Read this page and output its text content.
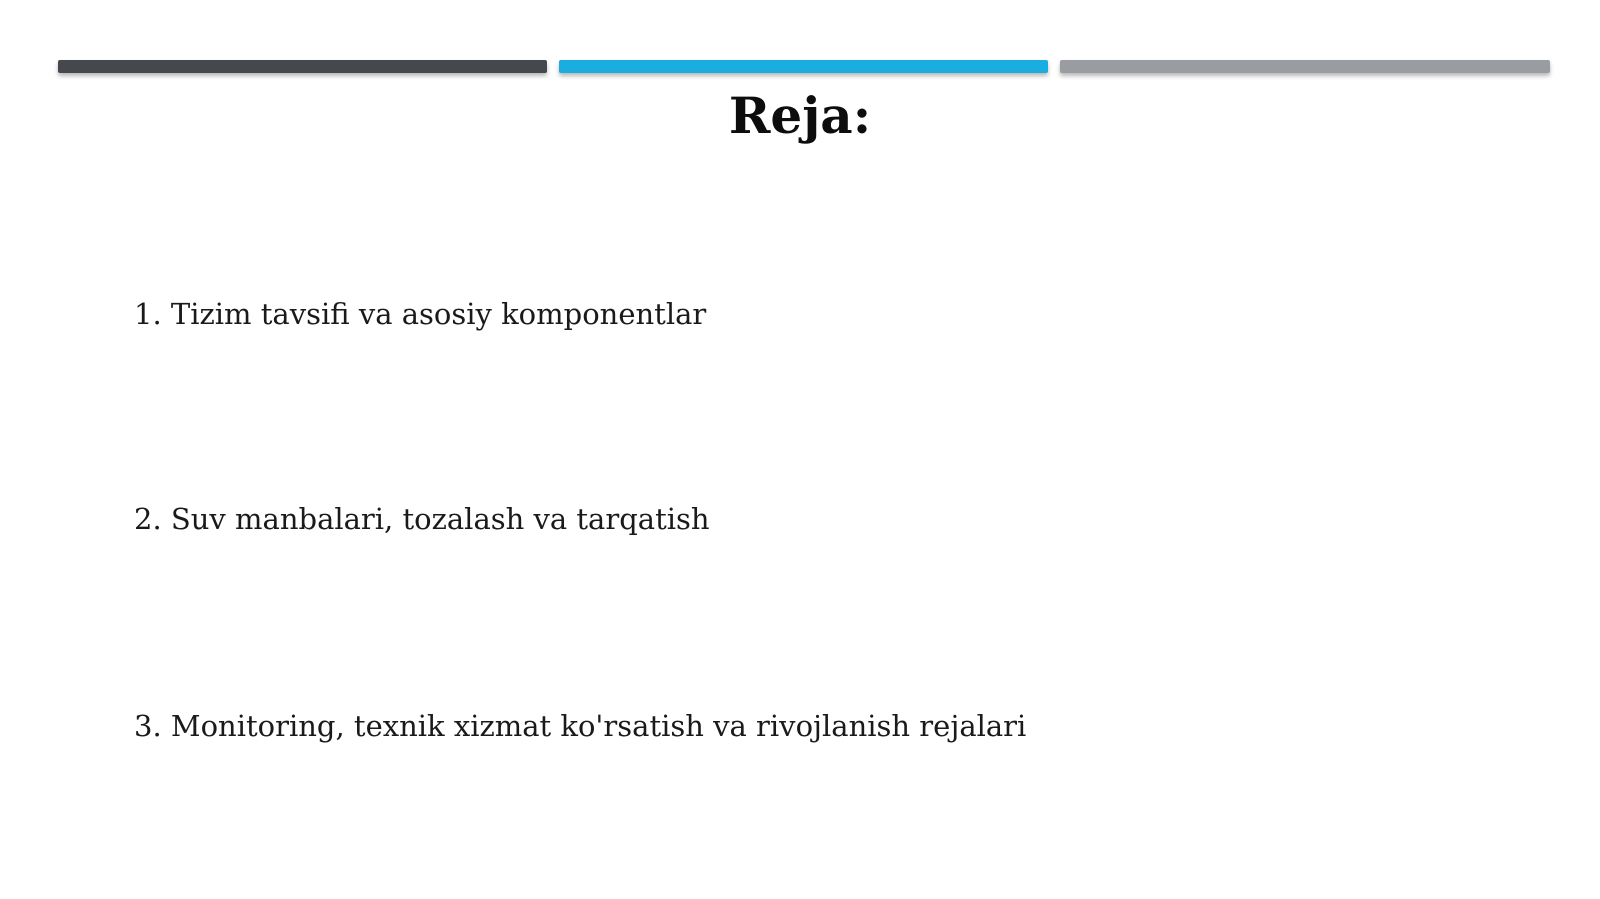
Reja:
1. Tizim tavsifi va asosiy komponentlar
2. Suv manbalari, tozalash va tarqatish
3. Monitoring, texnik xizmat ko'rsatish va rivojlanish rejalari
